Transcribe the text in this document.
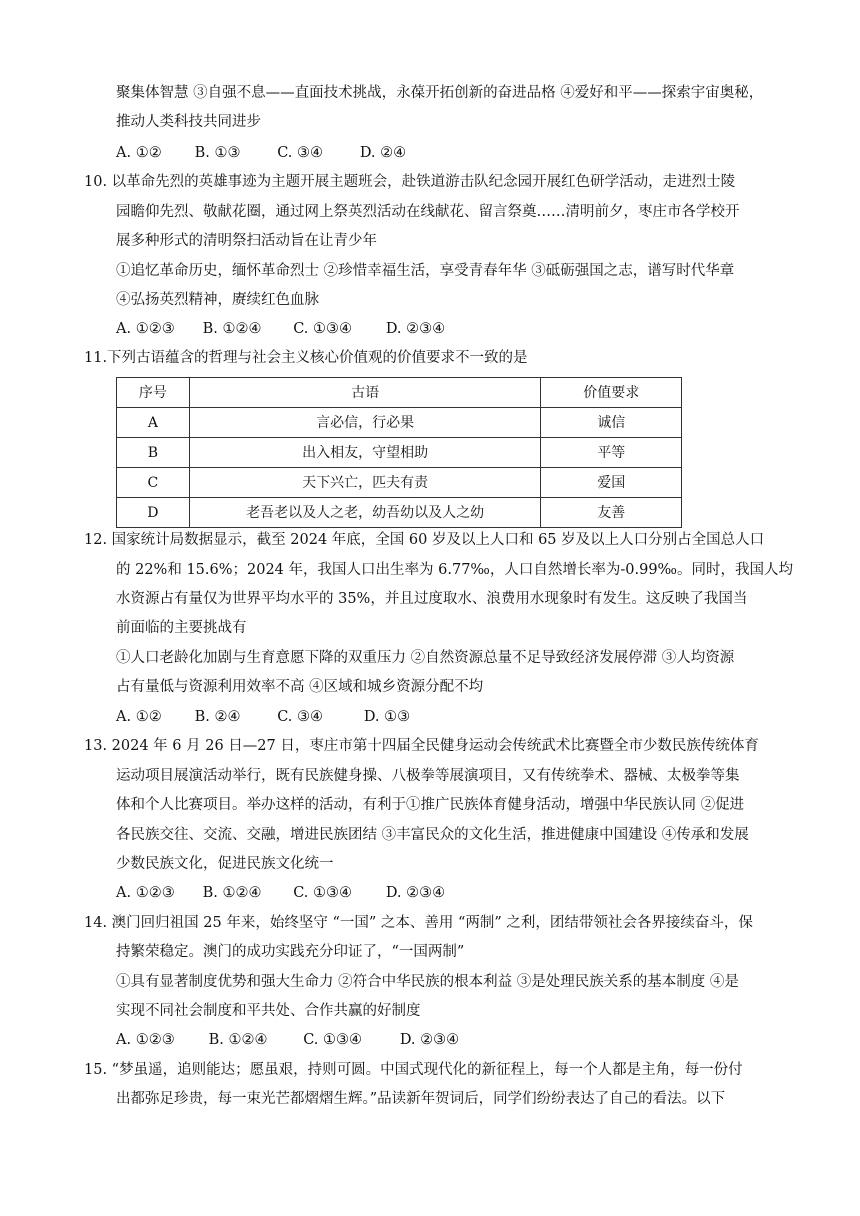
聚集体智慧 ③自强不息——直面技术挑战，永葆开拓创新的奋进品格 ④爱好和平——探索宇宙奥秘，
推动人类科技共同进步
A. ①② B. ①③	C. ③④	D. ②④
10. 以革命先烈的英雄事迹为主题开展主题班会，赴铁道游击队纪念园开展红色研学活动，走进烈士陵
园瞻仰先烈、敬献花圈，通过网上祭英烈活动在线献花、留言祭奠……清明前夕，枣庄市各学校开
展多种形式的清明祭扫活动旨在让青少年
①追忆革命历史，缅怀革命烈士 ②珍惜幸福生活，享受青春年华 ③砥砺强国之志，谱写时代华章
④弘扬英烈精神，赓续红色血脉
A. ①②③ B. ①②④ C. ①③④ D. ②③④
11.下列古语蕴含的哲理与社会主义核心价值观的价值要求不一致的是
序号	古语	价值要求
A	言必信，行必果	诚信
B	出入相友，守望相助	平等
C	天下兴亡，匹夫有责	爱国
D	老吾老以及人之老，幼吾幼以及人之幼	友善
12. 国家统计局数据显示，截至 2024 年底，全国 60 岁及以上人口和 65 岁及以上人口分别占全国总人口
的 22%和 15.6%；2024 年，我国人口出生率为 6.77‰，人口自然增长率为-0.99‰。同时，我国人均
水资源占有量仅为世界平均水平的 35%，并且过度取水、浪费用水现象时有发生。这反映了我国当
前面临的主要挑战有
①人口老龄化加剧与生育意愿下降的双重压力 ②自然资源总量不足导致经济发展停滞 ③人均资源
占有量低与资源利用效率不高 ④区域和城乡资源分配不均
A. ①② B. ②④	C. ③④	D. ①③
13. 2024 年 6 月 26 日—27 日，枣庄市第十四届全民健身运动会传统武术比赛暨全市少数民族传统体育
运动项目展演活动举行，既有民族健身操、八极拳等展演项目，又有传统拳术、器械、太极拳等集
体和个人比赛项目。举办这样的活动，有利于①推广民族体育健身活动，增强中华民族认同 ②促进
各民族交往、交流、交融，增进民族团结 ③丰富民众的文化生活，推进健康中国建设 ④传承和发展
少数民族文化，促进民族文化统一
A. ①②③ B. ①②④ C. ①③④ D. ②③④
14. 澳门回归祖国 25 年来，始终坚守 “一国” 之本、善用 “两制” 之利，团结带领社会各界接续奋斗，保
持繁荣稳定。澳门的成功实践充分印证了，“一国两制”
①具有显著制度优势和强大生命力 ②符合中华民族的根本利益 ③是处理民族关系的基本制度 ④是
实现不同社会制度和平共处、合作共赢的好制度
A. ①②③ B. ①②④ C. ①③④	D. ②③④
15. “梦虽遥，追则能达；愿虽艰，持则可圆。中国式现代化的新征程上，每一个人都是主角，每一份付
出都弥足珍贵，每一束光芒都熠熠生辉。”品读新年贺词后，同学们纷纷表达了自己的看法。以下
